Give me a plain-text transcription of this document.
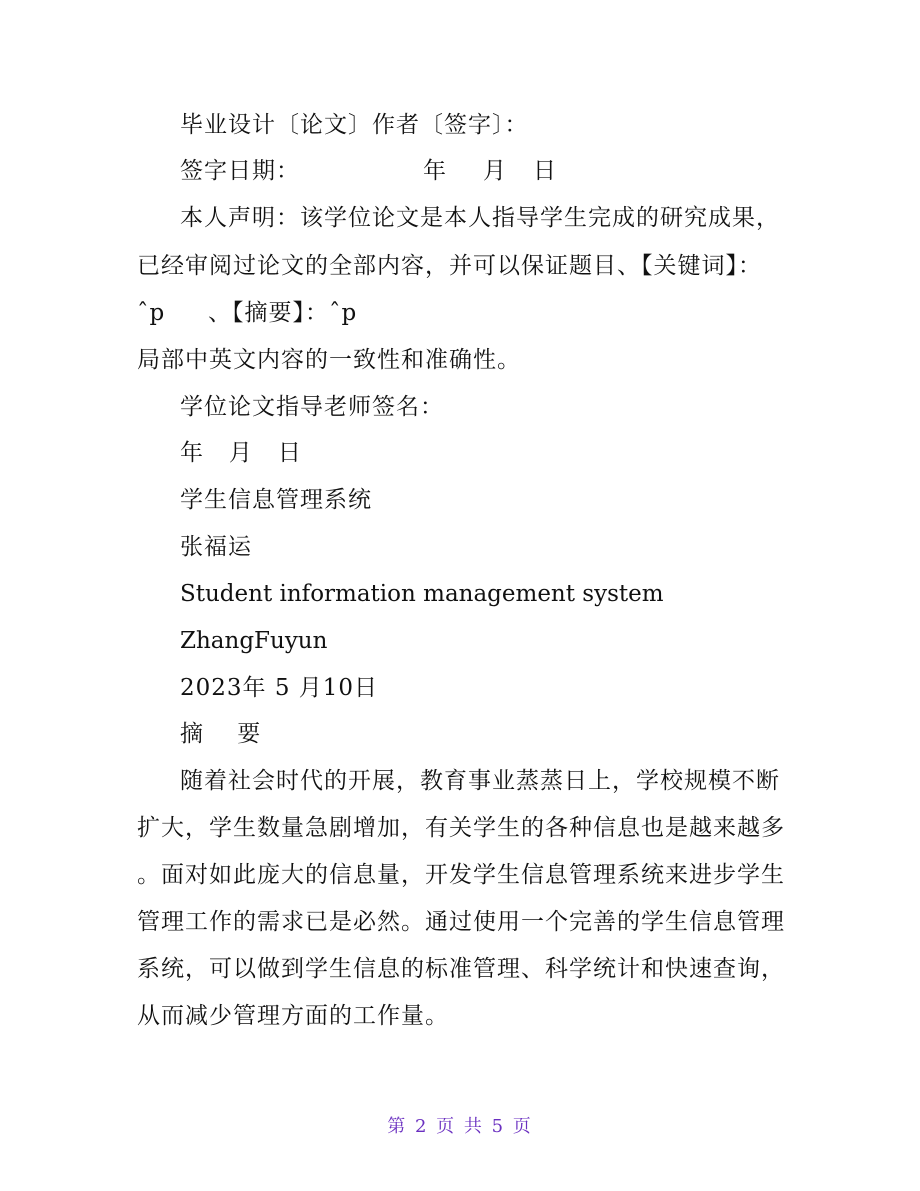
毕业设计〔论文〕作者〔签字〕：
签字日期：	年 月 日
本人声明：该学位论文是本人指导学生完成的研究成果，
已经审阅过论文的全部内容，并可以保证题目、【关键词】：
ˆp 、【摘要】：ˆp
局部中英文内容的一致性和准确性。
学位论文指导老师签名：
年   月   日
学生信息管理系统
张福运
Student information management system
ZhangFuyun
2023年 5 月10日
摘    要
随着社会时代的开展，教育事业蒸蒸日上，学校规模不断
扩大，学生数量急剧增加，有关学生的各种信息也是越来越多
。面对如此庞大的信息量，开发学生信息管理系统来进步学生
管理工作的需求已是必然。通过使用一个完善的学生信息管理
系统，可以做到学生信息的标准管理、科学统计和快速查询，
从而减少管理方面的工作量。
第 2 页 共 5 页
